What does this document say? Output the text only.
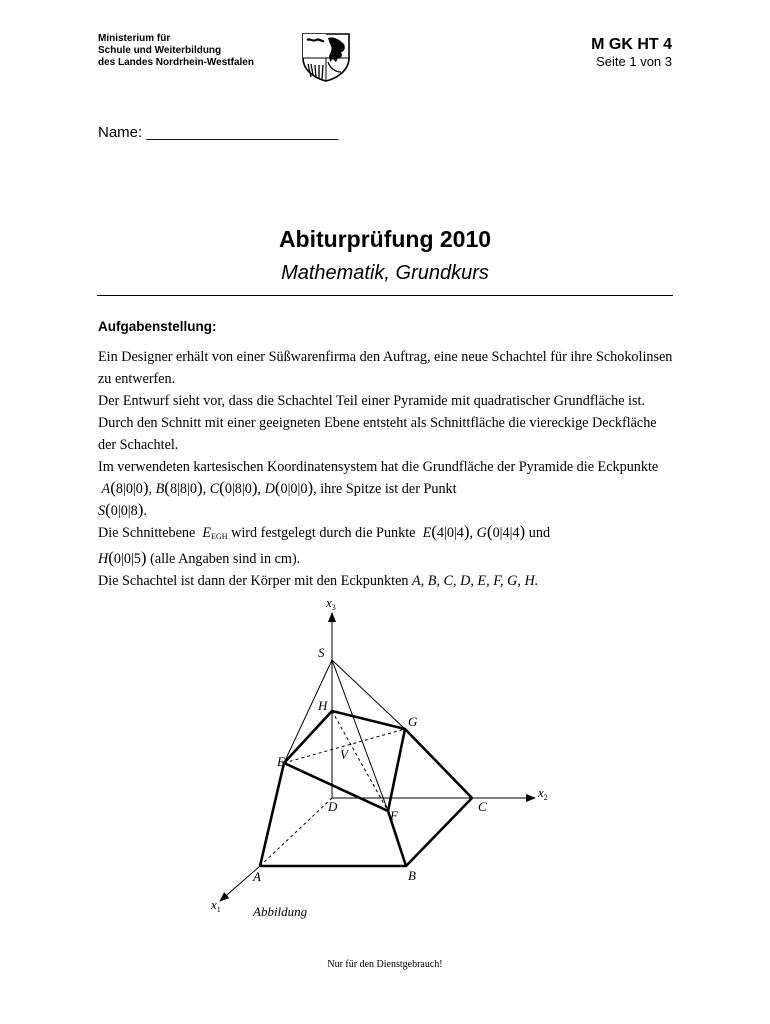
Ministerium für
Schule und Weiterbildung
des Landes Nordrhein-Westfalen
M GK HT 4
Seite 1 von 3
Name: _______________________
Abiturprüfung 2010
Mathematik, Grundkurs
Aufgabenstellung:

Ein Designer erhält von einer Süßwarenfirma den Auftrag, eine neue Schachtel für ihre Schokolinsen zu entwerfen.

Der Entwurf sieht vor, dass die Schachtel Teil einer Pyramide mit quadratischer Grundfläche ist. Durch den Schnitt mit einer geeigneten Ebene entsteht als Schnittfläche die viereckige Deckfläche der Schachtel.

Im verwendeten kartesischen Koordinatensystem hat die Grundfläche der Pyramide die Eckpunkte  A(8|0|0), B(8|8|0), C(0|8|0), D(0|0|0), ihre Spitze ist der Punkt
S(0|0|8).

Die Schnittebene $E_{EGH}$ wird festgelegt durch die Punkte E(4|0|4), G(0|4|4) und
H(0|0|5) (alle Angaben sind in cm).

Die Schachtel ist dann der Körper mit den Eckpunkten A, B, C, D, E, F, G, H.

$x_3$
$x_2$
$x_1$
S
H
G
E	V
D
F
C
A	B
Abbildung
Nur für den Dienstgebrauch!
